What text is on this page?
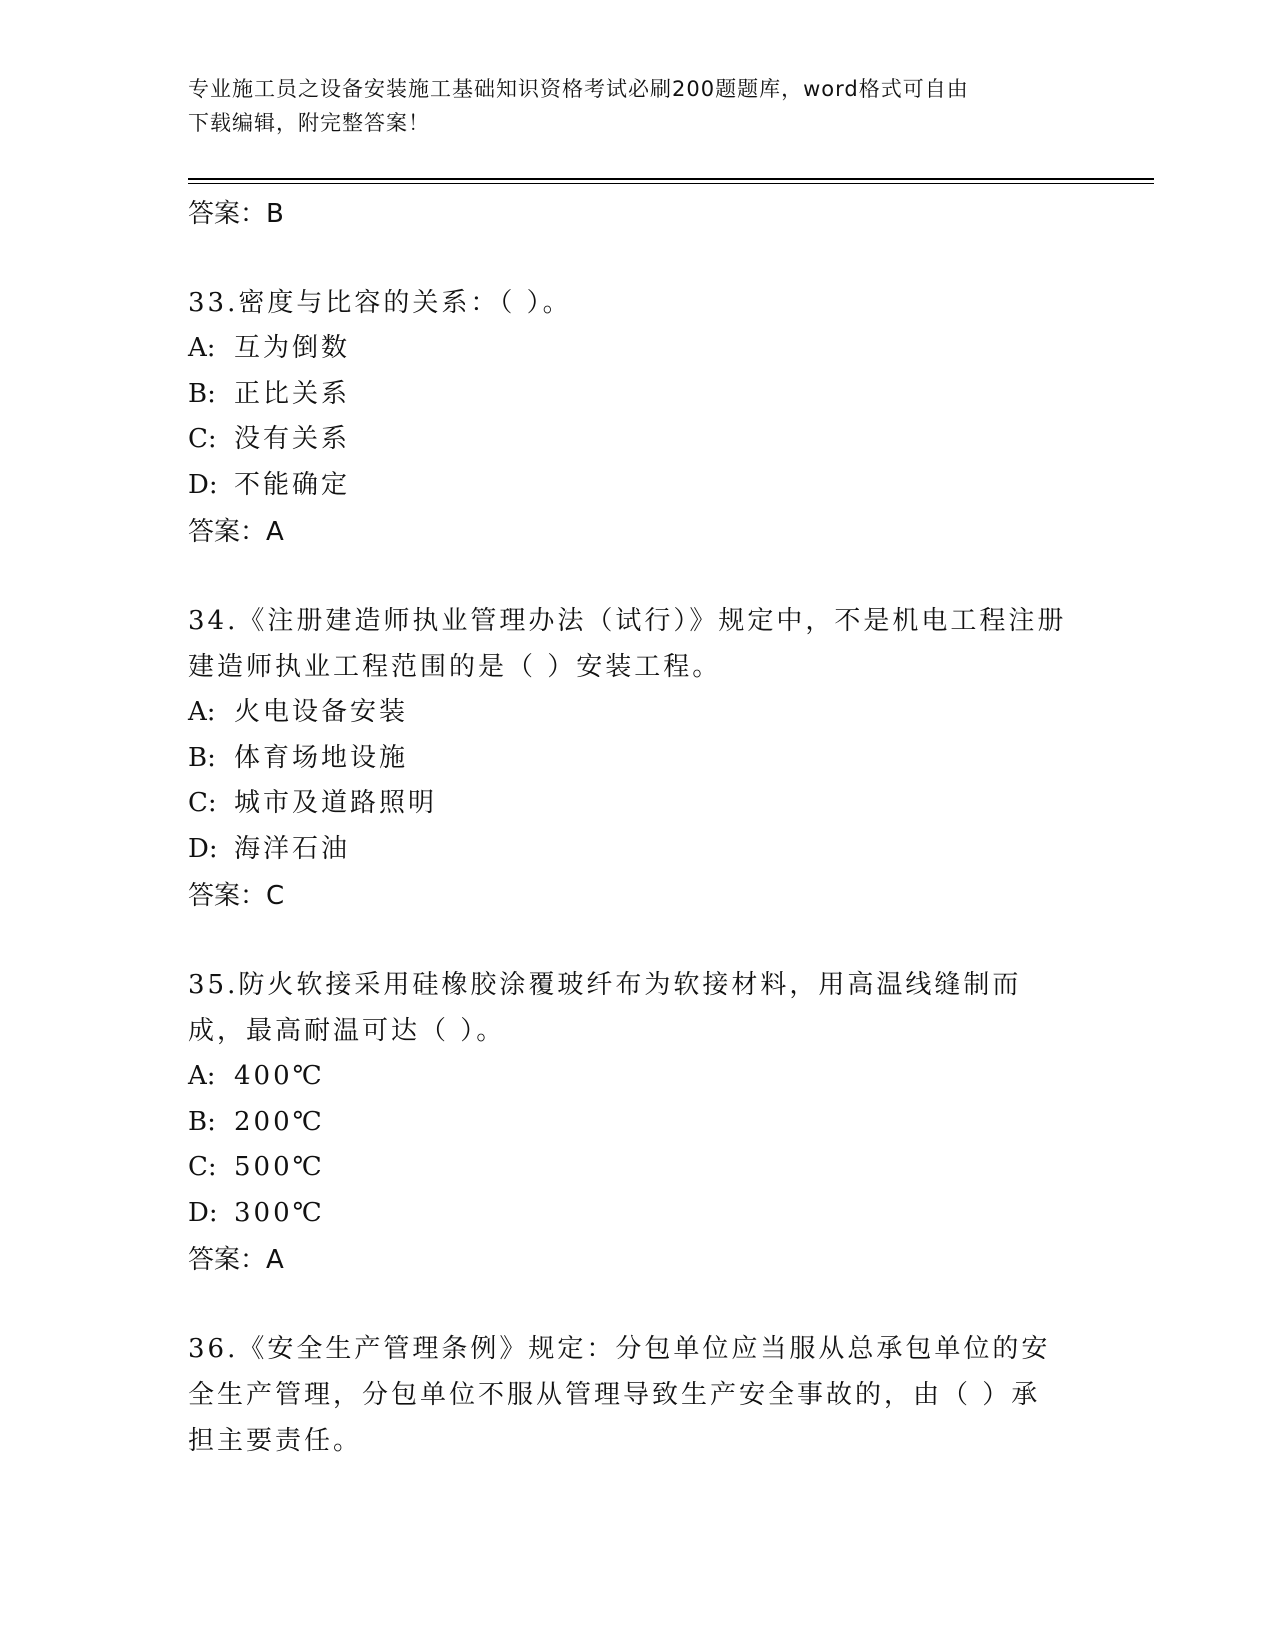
专业施工员之设备安装施工基础知识资格考试必刷200题题库，word格式可自由
下载编辑，附完整答案！
答案：B
33.密度与比容的关系：（ ）。
A: 互为倒数
B: 正比关系
C: 没有关系
D: 不能确定
答案：A
34.《注册建造师执业管理办法（试行）》规定中，不是机电工程注册建造师执业工程范围的是（ ）安装工程。
A: 火电设备安装
B: 体育场地设施
C: 城市及道路照明
D: 海洋石油
答案：C
35.防火软接采用硅橡胶涂覆玻纤布为软接材料，用高温线缝制而成，最高耐温可达（ ）。
A: 400℃
B: 200℃
C: 500℃
D: 300℃
答案：A
36.《安全生产管理条例》规定：分包单位应当服从总承包单位的安全生产管理，分包单位不服从管理导致生产安全事故的，由（ ）承担主要责任。
